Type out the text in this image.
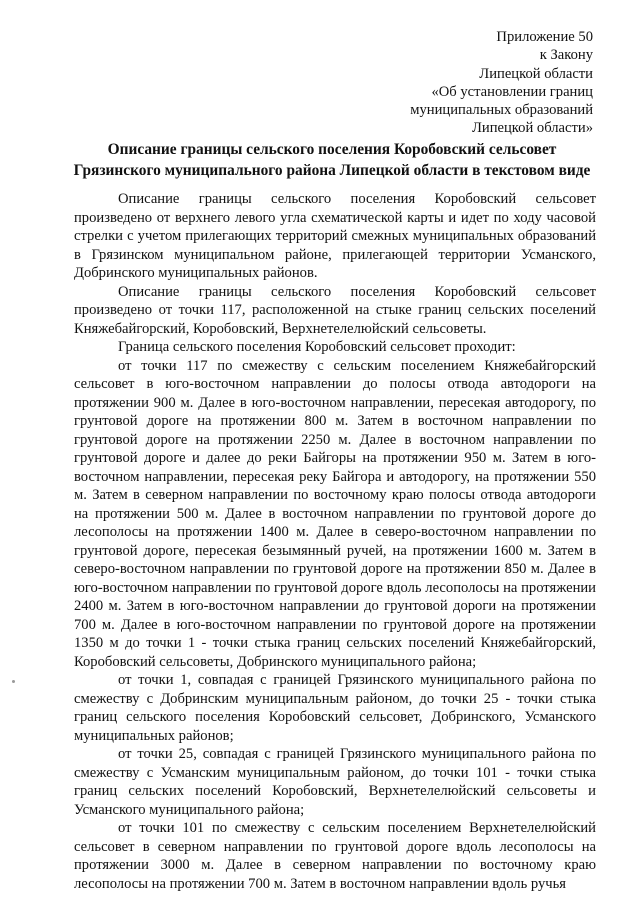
Приложение 50
к Закону
Липецкой области
«Об установлении границ
муниципальных образований
Липецкой области»
Описание границы сельского поселения Коробовский сельсовет
Грязинского муниципального района Липецкой области в текстовом виде

Описание границы сельского поселения Коробовский сельсовет произведено от верхнего левого угла схематической карты и идет по ходу часовой стрелки с учетом прилегающих территорий смежных муниципальных образований в Грязинском муниципальном районе, прилегающей территории Усманского, Добринского муниципальных районов.

Описание границы сельского поселения Коробовский сельсовет произведено от точки 117, расположенной на стыке границ сельских поселений Княжебайгорский, Коробовский, Верхнетелелюйский сельсоветы.

Граница сельского поселения Коробовский сельсовет проходит:

от точки 117 по смежеству с сельским поселением Княжебайгорский сельсовет в юго-восточном направлении до полосы отвода автодороги на протяжении 900 м. Далее в юго-восточном направлении, пересекая автодорогу, по грунтовой дороге на протяжении 800 м. Затем в восточном направлении по грунтовой дороге на протяжении 2250 м. Далее в восточном направлении по грунтовой дороге и далее до реки Байгоры на протяжении 950 м. Затем в юго-восточном направлении, пересекая реку Байгора и автодорогу, на протяжении 550 м. Затем в северном направлении по восточному краю полосы отвода автодороги на протяжении 500 м. Далее в восточном направлении по грунтовой дороге до лесополосы на протяжении 1400 м. Далее в северо-восточном направлении по грунтовой дороге, пересекая безымянный ручей, на протяжении 1600 м. Затем в северо-восточном направлении по грунтовой дороге на протяжении 850 м. Далее в юго-восточном направлении по грунтовой дороге вдоль лесополосы на протяжении 2400 м. Затем в юго-восточном направлении до грунтовой дороги на протяжении 700 м. Далее в юго-восточном направлении по грунтовой дороге на протяжении 1350 м до точки 1 - точки стыка границ сельских поселений Княжебайгорский, Коробовский сельсоветы, Добринского муниципального района;

от точки 1, совпадая с границей Грязинского муниципального района по смежеству с Добринским муниципальным районом, до точки 25 - точки стыка границ сельского поселения Коробовский сельсовет, Добринского, Усманского муниципальных районов;

от точки 25, совпадая с границей Грязинского муниципального района по смежеству с Усманским муниципальным районом, до точки 101 - точки стыка границ сельских поселений Коробовский, Верхнетелелюйский сельсоветы и Усманского муниципального района;

от точки 101 по смежеству с сельским поселением Верхнетелелюйский сельсовет в северном направлении по грунтовой дороге вдоль лесополосы на протяжении 3000 м. Далее в северном направлении по восточному краю лесополосы на протяжении 700 м. Затем в восточном направлении вдоль ручья
